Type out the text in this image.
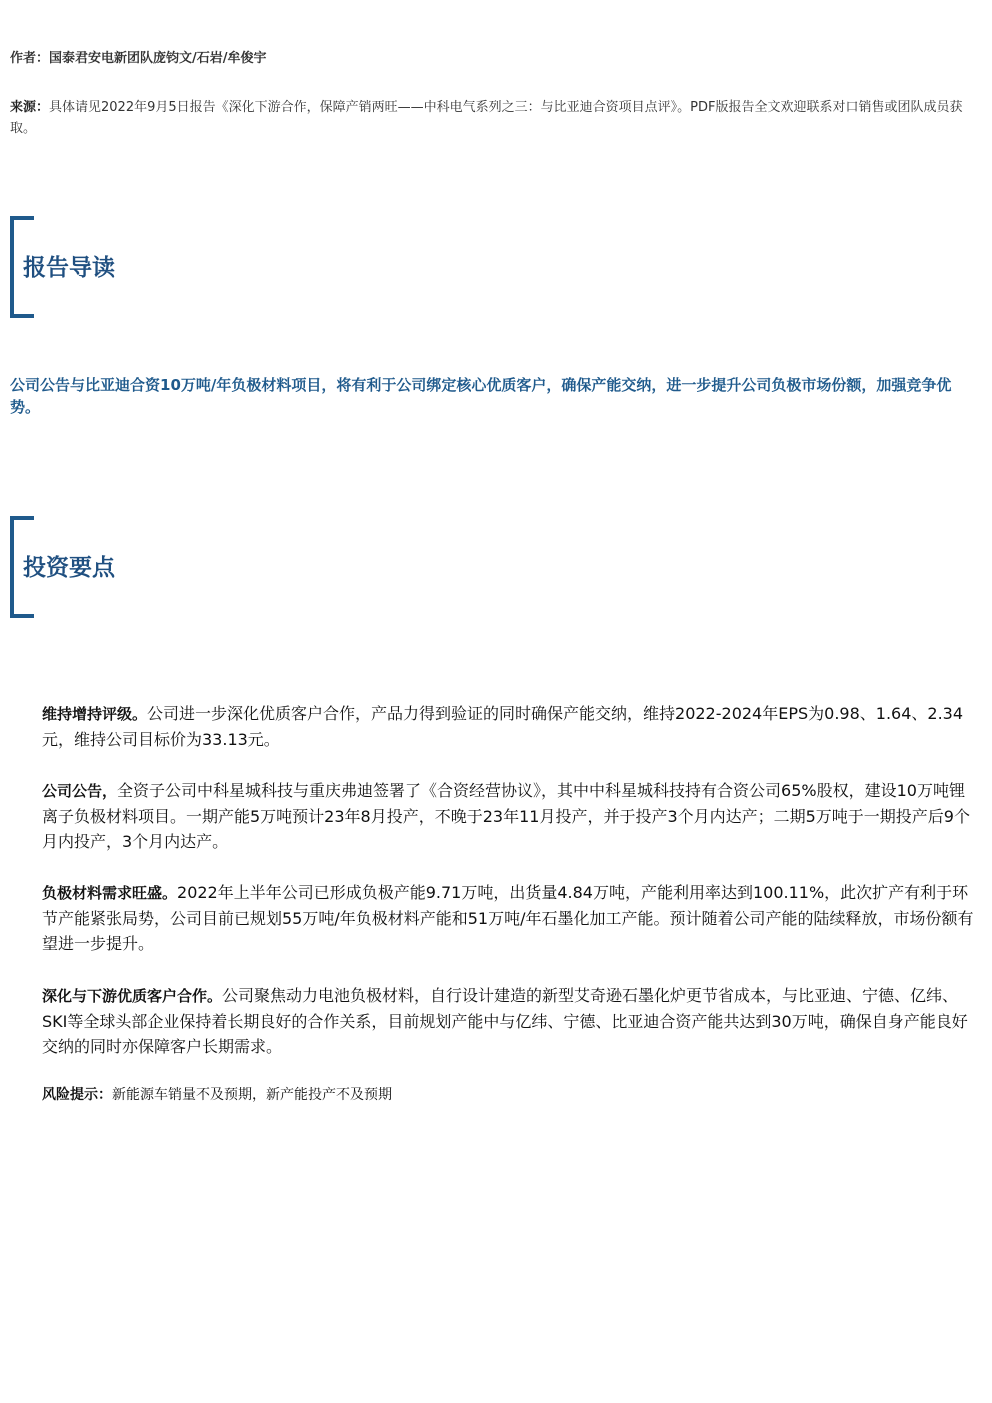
作者：国泰君安电新团队庞钧文/石岩/牟俊宇
来源：具体请见2022年9月5日报告《深化下游合作，保障产销两旺——中科电气系列之三：与比亚迪合资项目点评》。PDF版报告全文欢迎联系对口销售或团队成员获取。
报告导读
公司公告与比亚迪合资10万吨/年负极材料项目，将有利于公司绑定核心优质客户，确保产能交纳，进一步提升公司负极市场份额，加强竞争优势。
投资要点
维持增持评级。公司进一步深化优质客户合作，产品力得到验证的同时确保产能交纳，维持2022-2024年EPS为0.98、1.64、2.34元，维持公司目标价为33.13元。
公司公告，全资子公司中科星城科技与重庆弗迪签署了《合资经营协议》，其中中科星城科技持有合资公司65%股权，建设10万吨锂离子负极材料项目。一期产能5万吨预计23年8月投产，不晚于23年11月投产，并于投产3个月内达产；二期5万吨于一期投产后9个月内投产，3个月内达产。
负极材料需求旺盛。2022年上半年公司已形成负极产能9.71万吨，出货量4.84万吨，产能利用率达到100.11%，此次扩产有利于环节产能紧张局势，公司目前已规划55万吨/年负极材料产能和51万吨/年石墨化加工产能。预计随着公司产能的陆续释放，市场份额有望进一步提升。
深化与下游优质客户合作。公司聚焦动力电池负极材料，自行设计建造的新型艾奇逊石墨化炉更节省成本，与比亚迪、宁德、亿纬、SKI等全球头部企业保持着长期良好的合作关系，目前规划产能中与亿纬、宁德、比亚迪合资产能共达到30万吨，确保自身产能良好交纳的同时亦保障客户长期需求。
风险提示：新能源车销量不及预期，新产能投产不及预期
